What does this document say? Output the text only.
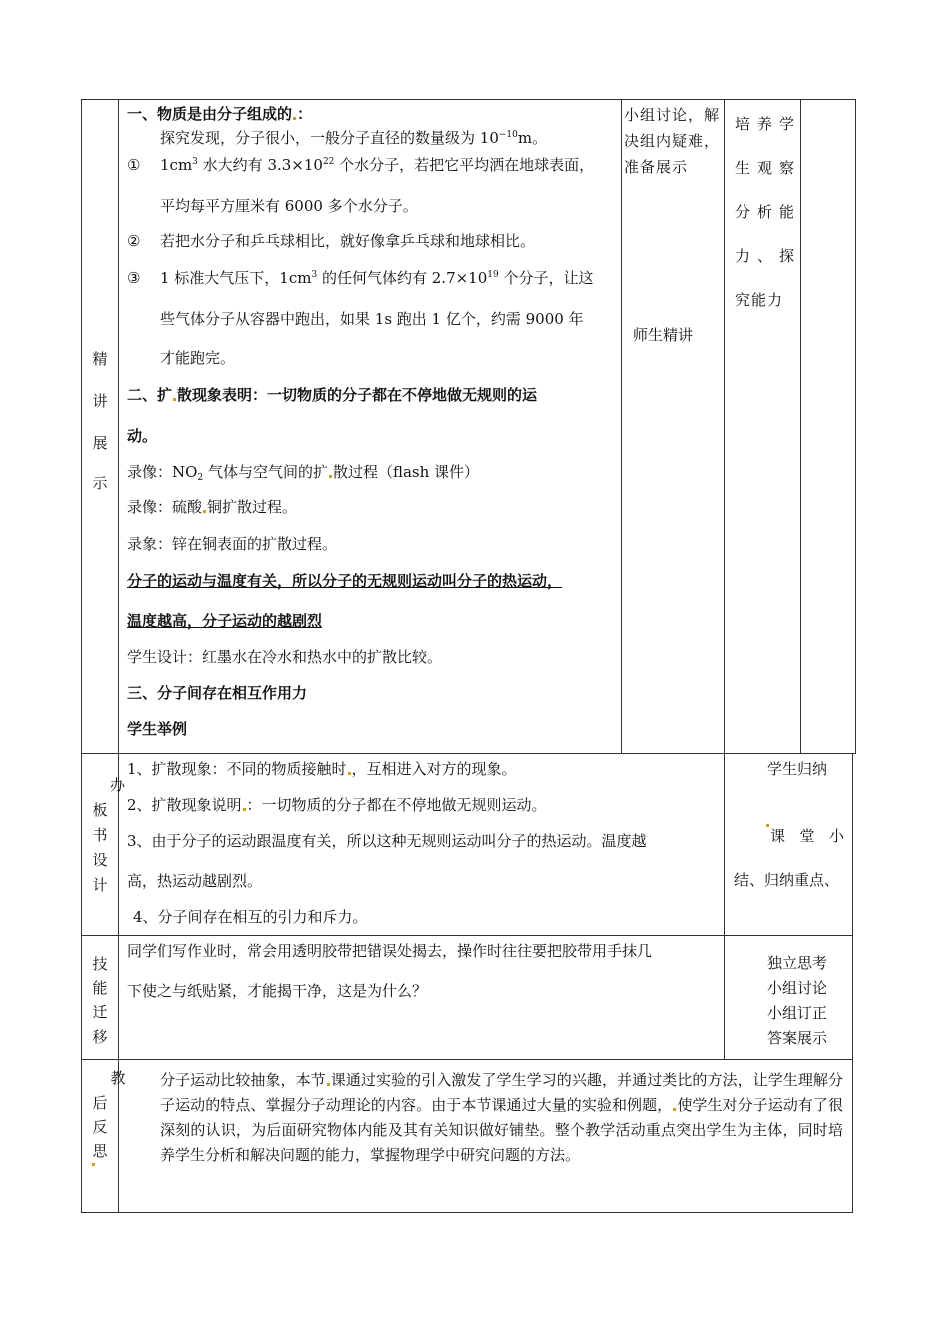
精
讲
展
示
一、物质是由分子组成的 ：
探究发现，分子很小，一般分子直径的数量级为 $10^{-10}m$。
① $1cm^3$ 水大约有 $3.3\times 10^{22}$ 个水分子，若把它平均洒在地球表面，
平均每平方厘米有 6000 多个水分子。
② 若把水分子和乒乓球相比，就好像拿乒乓球和地球相比。
③ 1 标准大气压下，$1cm^3$ 的任何气体约有 $2.7\times 10^{19}$ 个分子，让这
些气体分子从容器中跑出，如果 1s 跑出 1 亿个，约需 9000 年
才能跑完。
二、扩 散现象表明：一切物质的分子都在不停地做无规则的运
动。
录像：$NO_2$ 气体与空气间的扩 散过程（flash 课件）
录像：硫酸 铜扩散过程。
录象：锌在铜表面的扩散过程。
分子的运动与温度有关，所以分子的无规则运动叫分子的热运动，
温度越高，分子运动的越剧烈
学生设计：红墨水在冷水和热水中的扩散比较。
三、分子间存在相互作用力
学生举例
小组讨论，解决组内疑难，准备展示
师生精讲
培养学生观察分析能力、探究能力
办
板
书
设
计
1、扩散现象：不同的物质接触时 ，互相进入对方的现象。
2、扩散现象说明 ：一切物质的分子都在不停地做无规则运动。
3、由于分子的运动跟温度有关，所以这种无规则运动叫分子的热运动。温度越
高，热运动越剧烈。
4、分子间存在相互的引力和斥力。
学生归纳
课堂小结、归纳重点、
技
能
迁
移
同学们写作业时，常会用透明胶带把错误处揭去，操作时往往要把胶带用手抹几
下使之与纸贴紧，才能揭干净，这是为什么？
独立思考
小组讨论
小组订正
答案展示
教
后
反
思
分子运动比较抽象，本节 课通过实验的引入激发了学生学习的兴趣，并通过类比的方法，让学生理解分子运动的特点、掌握分子动理论的内容。由于本节课通过大量的实验和例题， 使学生对分子运动有了很深刻的认识，为后面研究物体内能及其有关知识做好铺垫。整个教学活动重点突出学生为主体，同时培养学生分析和解决问题的能力，掌握物理学中研究问题的方法。
